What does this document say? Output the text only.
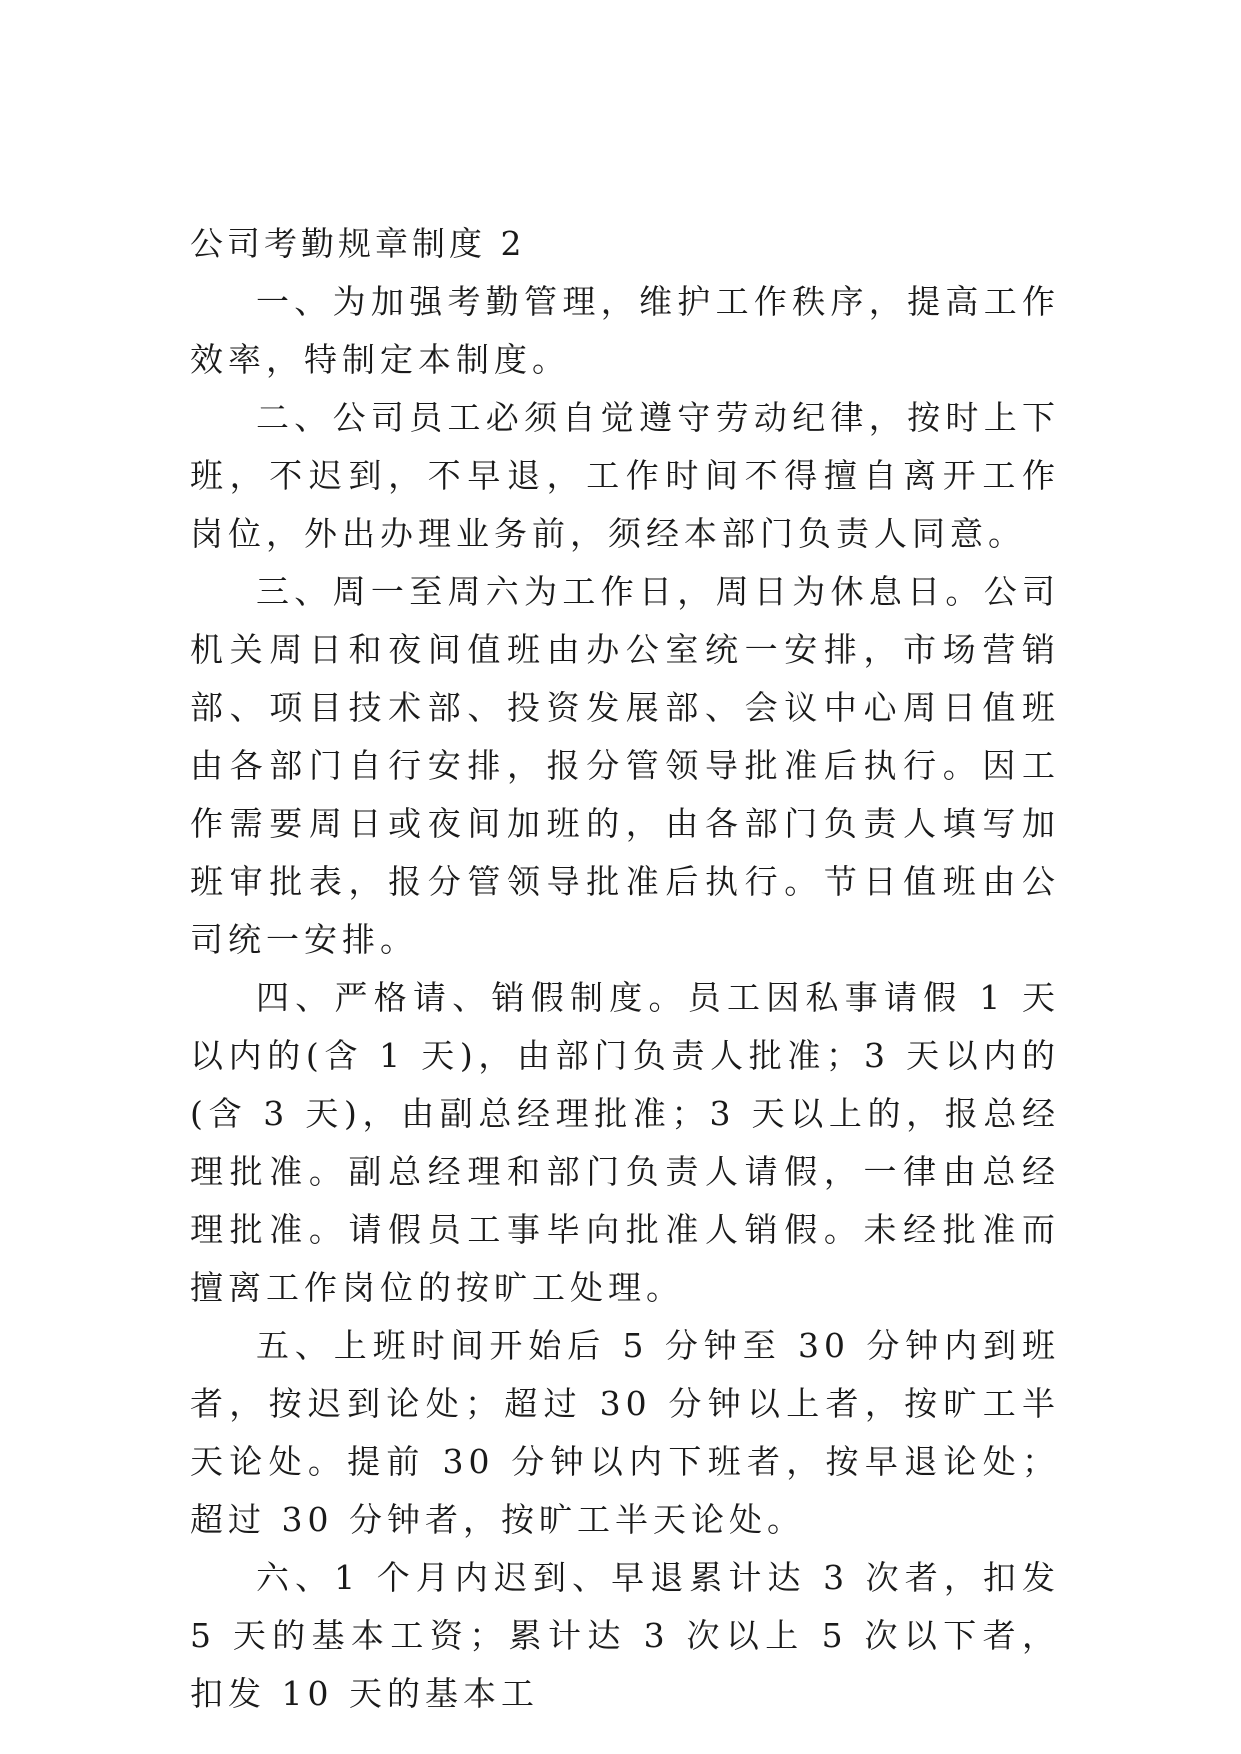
公司考勤规章制度 2

一、为加强考勤管理，维护工作秩序，提高工作效率，特制定本制度。

二、公司员工必须自觉遵守劳动纪律，按时上下班，不迟到，不早退，工作时间不得擅自离开工作岗位，外出办理业务前，须经本部门负责人同意。

三、周一至周六为工作日，周日为休息日。公司机关周日和夜间值班由办公室统一安排，市场营销部、项目技术部、投资发展部、会议中心周日值班由各部门自行安排，报分管领导批准后执行。因工作需要周日或夜间加班的，由各部门负责人填写加班审批表，报分管领导批准后执行。节日值班由公司统一安排。

四、严格请、销假制度。员工因私事请假 1 天以内的(含 1 天)，由部门负责人批准；3 天以内的(含 3 天)，由副总经理批准；3 天以上的，报总经理批准。副总经理和部门负责人请假，一律由总经理批准。请假员工事毕向批准人销假。未经批准而擅离工作岗位的按旷工处理。

五、上班时间开始后 5 分钟至 30 分钟内到班者，按迟到论处；超过 30 分钟以上者，按旷工半天论处。提前 30 分钟以内下班者，按早退论处；超过 30 分钟者，按旷工半天论处。

六、1 个月内迟到、早退累计达 3 次者，扣发 5 天的基本工资；累计达 3 次以上 5 次以下者，扣发 10 天的基本工
